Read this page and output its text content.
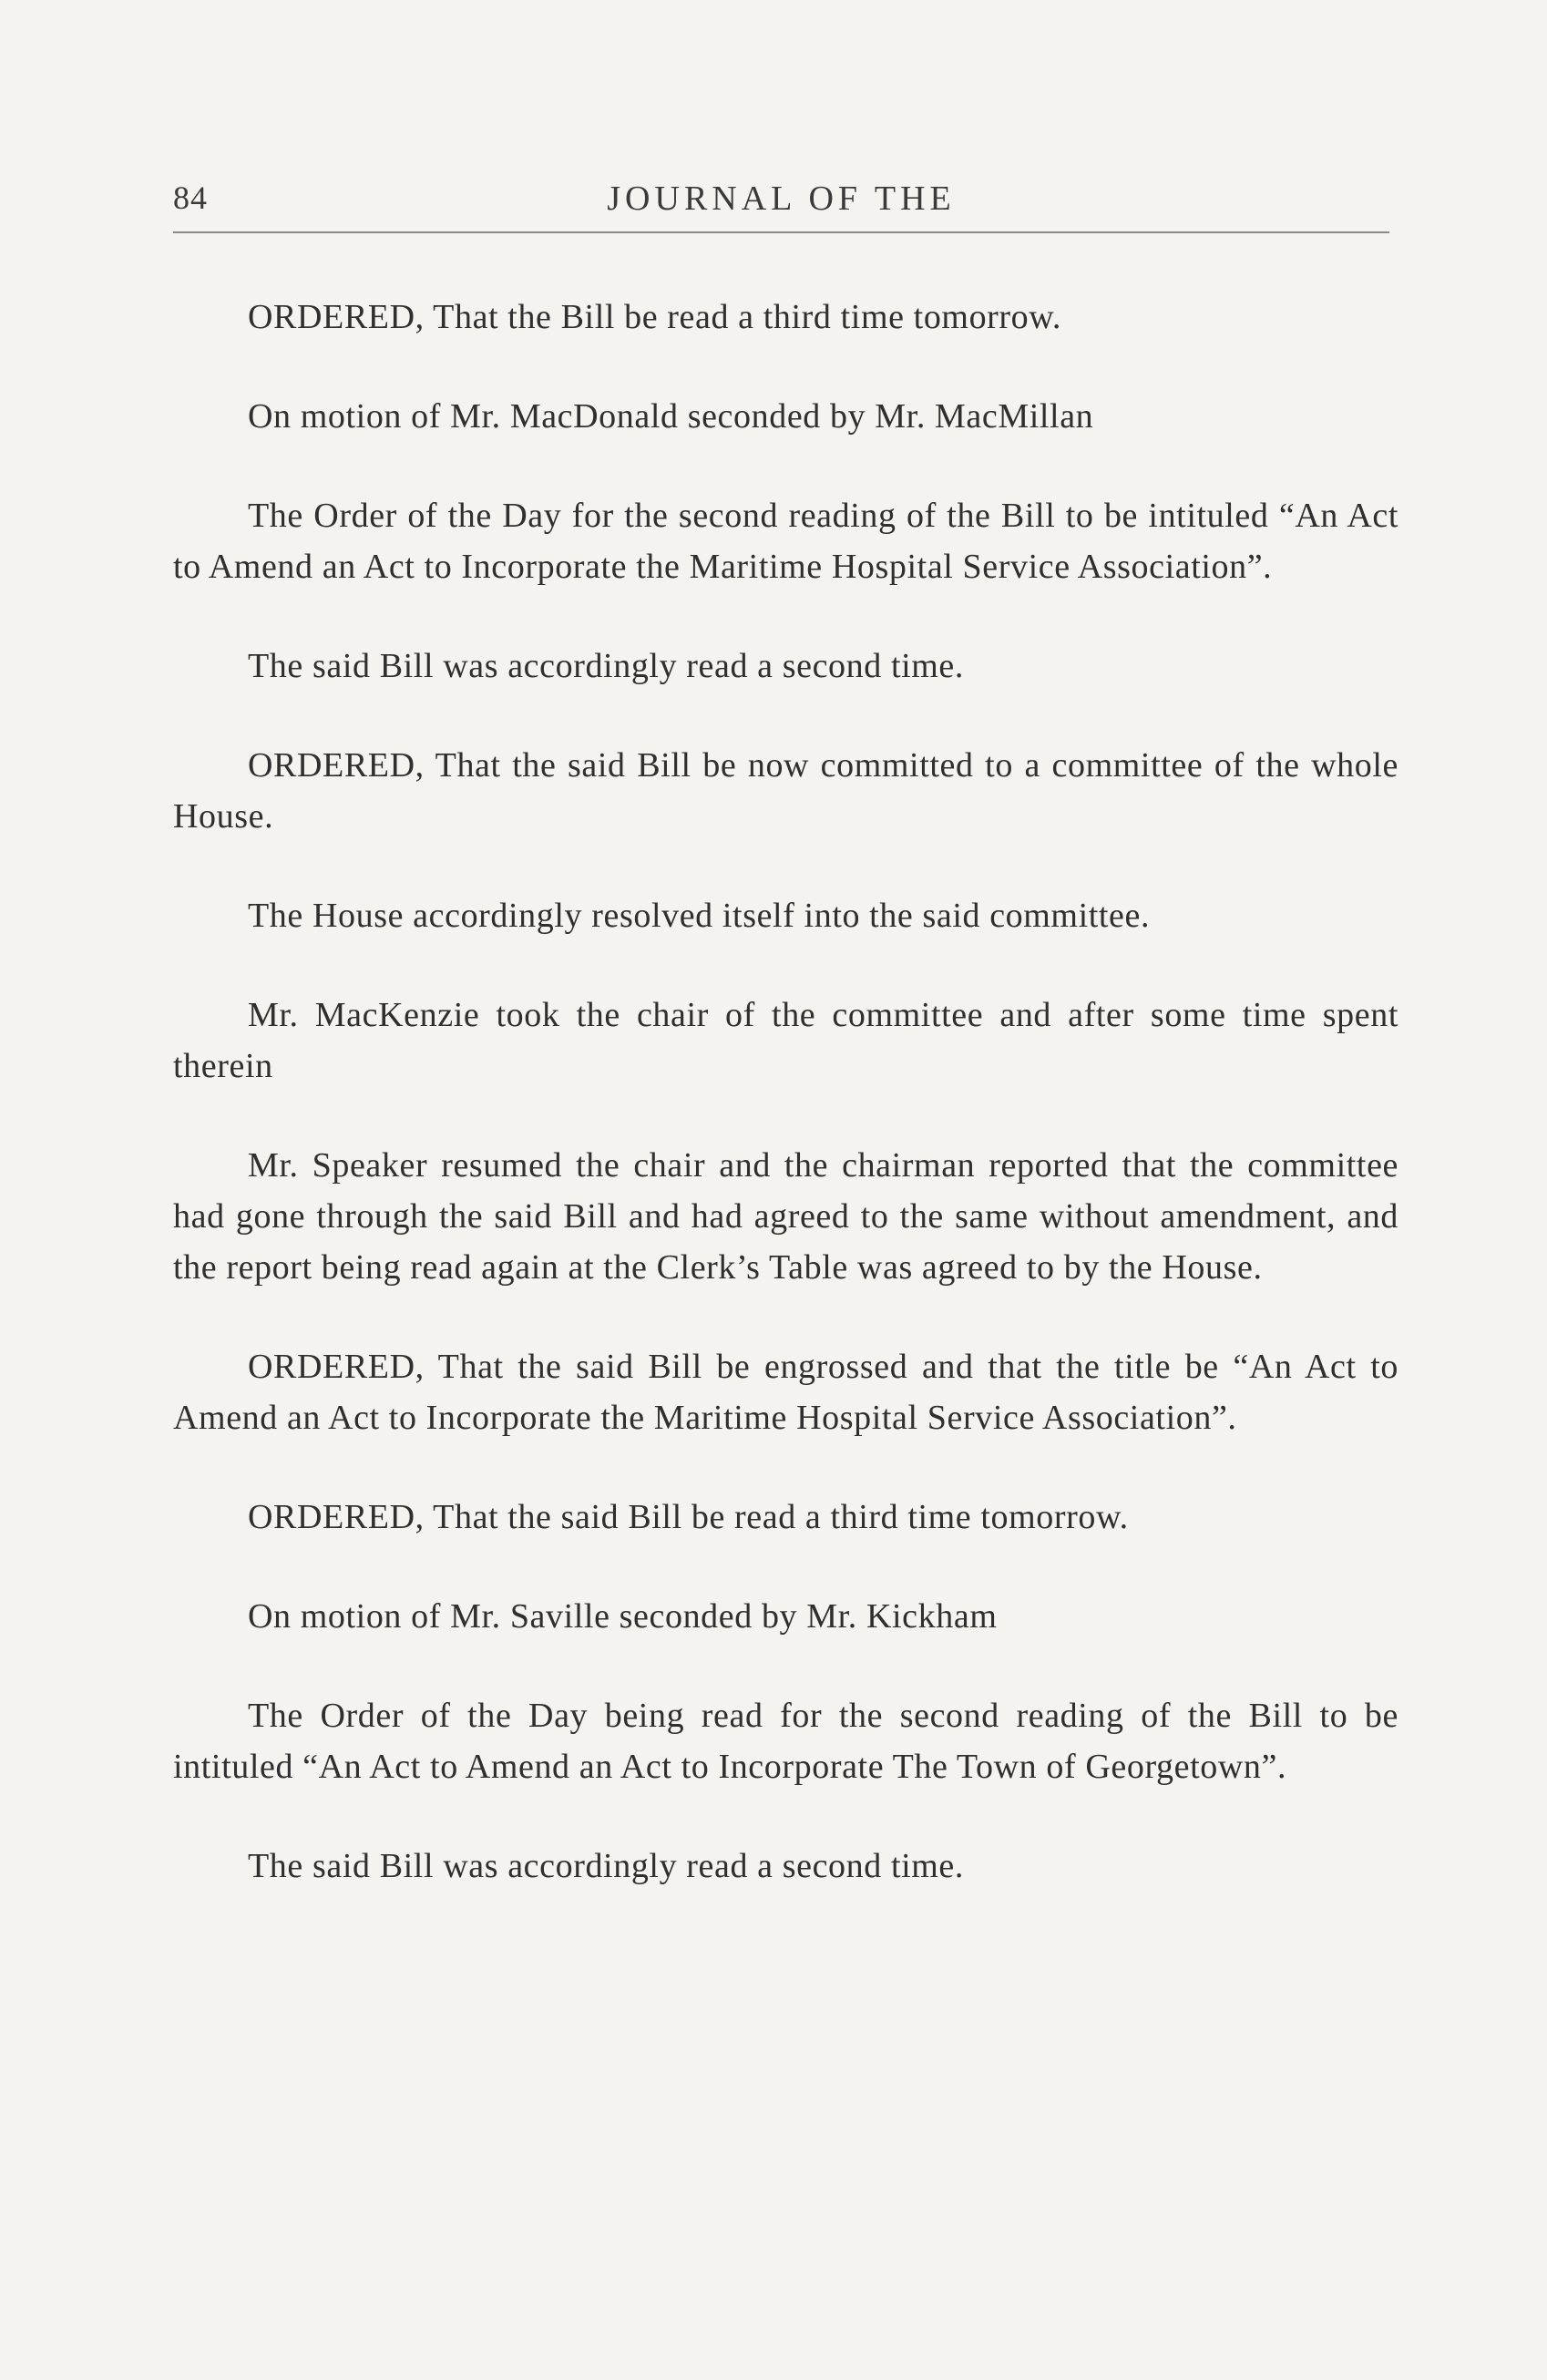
84	JOURNAL OF THE

ORDERED, That the Bill be read a third time tomorrow.

On motion of Mr. MacDonald seconded by Mr. MacMillan

The Order of the Day for the second reading of the Bill to be intituled “An Act to Amend an Act to Incorporate the Maritime Hospital Service Association”.

The said Bill was accordingly read a second time.

ORDERED, That the said Bill be now committed to a committee of the whole House.

The House accordingly resolved itself into the said committee.

Mr. MacKenzie took the chair of the committee and after some time spent therein

Mr. Speaker resumed the chair and the chairman reported that the committee had gone through the said Bill and had agreed to the same without amendment, and the report being read again at the Clerk’s Table was agreed to by the House.

ORDERED, That the said Bill be engrossed and that the title be “An Act to Amend an Act to Incorporate the Maritime Hospital Service Association”.

ORDERED, That the said Bill be read a third time tomorrow.

On motion of Mr. Saville seconded by Mr. Kickham

The Order of the Day being read for the second reading of the Bill to be intituled “An Act to Amend an Act to Incorporate The Town of Georgetown”.

The said Bill was accordingly read a second time.
